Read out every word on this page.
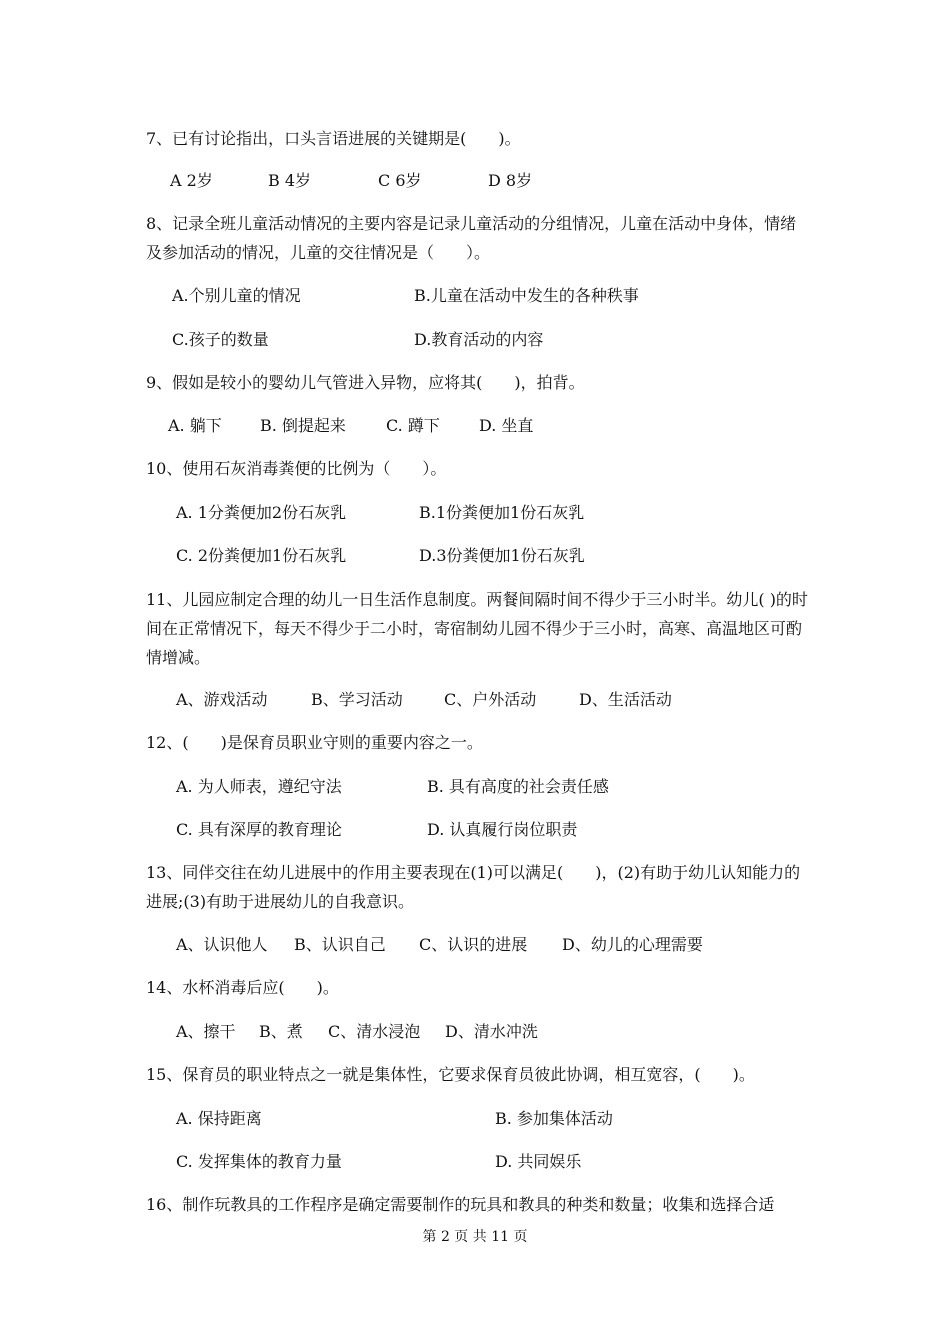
7、已有讨论指出，口头言语进展的关键期是(　　)。
A 2岁	B 4岁	C 6岁	D 8岁
8、记录全班儿童活动情况的主要内容是记录儿童活动的分组情况，儿童在活动中身体，情绪及参加活动的情况，儿童的交往情况是（　　）。
A.个别儿童的情况	B.儿童在活动中发生的各种秩事
C.孩子的数量	D.教育活动的内容
9、假如是较小的婴幼儿气管进入异物，应将其(　　)，拍背。
A. 躺下 B. 倒提起来	C. 蹲下 D. 坐直
10、使用石灰消毒粪便的比例为（　　）。
A. 1分粪便加2份石灰乳	B.1份粪便加1份石灰乳
C. 2份粪便加1份石灰乳	D.3份粪便加1份石灰乳
11、儿园应制定合理的幼儿一日生活作息制度。两餐间隔时间不得少于三小时半。幼儿( )的时间在正常情况下，每天不得少于二小时，寄宿制幼儿园不得少于三小时，高寒、高温地区可酌情增减。
A、游戏活动	B、学习活动	C、户外活动	D、生活活动
12、(　　)是保育员职业守则的重要内容之一。
A. 为人师表，遵纪守法	B. 具有高度的社会责任感
C. 具有深厚的教育理论	D. 认真履行岗位职责
13、同伴交往在幼儿进展中的作用主要表现在(1)可以满足(　　)，(2)有助于幼儿认知能力的进展;(3)有助于进展幼儿的自我意识。
A、认识他人 B、认识自己 C、认识的进展 D、幼儿的心理需要
14、水杯消毒后应(　　)。
A、擦干 B、煮 C、清水浸泡 D、清水冲洗
15、保育员的职业特点之一就是集体性，它要求保育员彼此协调，相互宽容，(　　)。
A. 保持距离	B. 参加集体活动
C. 发挥集体的教育力量	D. 共同娱乐
16、制作玩教具的工作程序是确定需要制作的玩具和教具的种类和数量；收集和选择合适
第 2 页 共 11 页
